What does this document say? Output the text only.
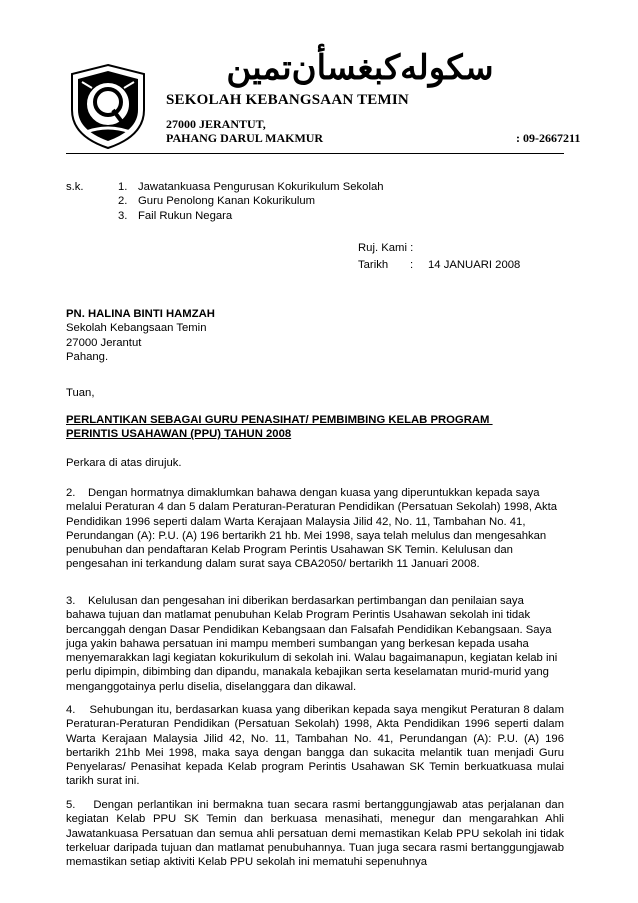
سكوله‌كبغسأن‌تمين
SEKOLAH KEBANGSAAN TEMIN
27000 JERANTUT,
PAHANG DARUL MAKMUR	: 09-2667211
s.k.	1. Jawatankuasa Pengurusan Kokurikulum Sekolah
2. Guru Penolong Kanan Kokurikulum
3. Fail Rukun Negara
Ruj. Kami :
Tarikh	:	14 JANUARI 2008
PN. HALINA BINTI HAMZAH
Sekolah Kebangsaan Temin
27000 Jerantut
Pahang.
Tuan,
PERLANTIKAN SEBAGAI GURU PENASIHAT/ PEMBIMBING KELAB PROGRAM
PERINTIS USAHAWAN (PPU) TAHUN 2008
Perkara di atas dirujuk.
2.    Dengan hormatnya dimaklumkan bahawa dengan kuasa yang diperuntukkan kepada saya melalui Peraturan 4 dan 5 dalam Peraturan-Peraturan Pendidikan (Persatuan Sekolah) 1998, Akta Pendidikan 1996 seperti dalam Warta Kerajaan Malaysia Jilid 42, No. 11, Tambahan No. 41, Perundangan (A): P.U. (A) 196 bertarikh 21 hb. Mei 1998, saya telah melulus dan mengesahkan penubuhan dan pendaftaran Kelab Program Perintis Usahawan SK Temin. Kelulusan dan pengesahan ini terkandung dalam surat saya CBA2050/ bertarikh 11 Januari 2008.
3.    Kelulusan dan pengesahan ini diberikan berdasarkan pertimbangan dan penilaian saya bahawa tujuan dan matlamat penubuhan Kelab Program Perintis Usahawan sekolah ini tidak bercanggah dengan Dasar Pendidikan Kebangsaan dan Falsafah Pendidikan Kebangsaan. Saya juga yakin bahawa persatuan ini mampu memberi sumbangan yang berkesan kepada usaha menyemarakkan lagi kegiatan kokurikulum di sekolah ini. Walau bagaimanapun, kegiatan kelab ini perlu dipimpin, dibimbing dan dipandu, manakala kebajikan serta keselamatan murid-murid yang menganggotainya perlu diselia, diselanggara dan dikawal.
4.    Sehubungan itu, berdasarkan kuasa yang diberikan kepada saya mengikut Peraturan 8 dalam Peraturan-Peraturan Pendidikan (Persatuan Sekolah) 1998, Akta Pendidikan 1996 seperti dalam Warta Kerajaan Malaysia Jilid 42, No. 11, Tambahan No. 41, Perundangan (A): P.U. (A) 196 bertarikh 21hb Mei 1998, maka saya dengan bangga dan sukacita melantik tuan menjadi Guru Penyelaras/ Penasihat kepada Kelab program Perintis Usahawan SK Temin berkuatkuasa mulai tarikh surat ini.
5.    Dengan perlantikan ini bermakna tuan secara rasmi bertanggungjawab atas perjalanan dan kegiatan Kelab PPU SK Temin dan berkuasa menasihati, menegur dan mengarahkan Ahli Jawatankuasa Persatuan dan semua ahli persatuan demi memastikan Kelab PPU sekolah ini tidak terkeluar daripada tujuan dan matlamat penubuhannya. Tuan juga secara rasmi bertanggungjawab memastikan setiap aktiviti Kelab PPU sekolah ini mematuhi sepenuhnya
